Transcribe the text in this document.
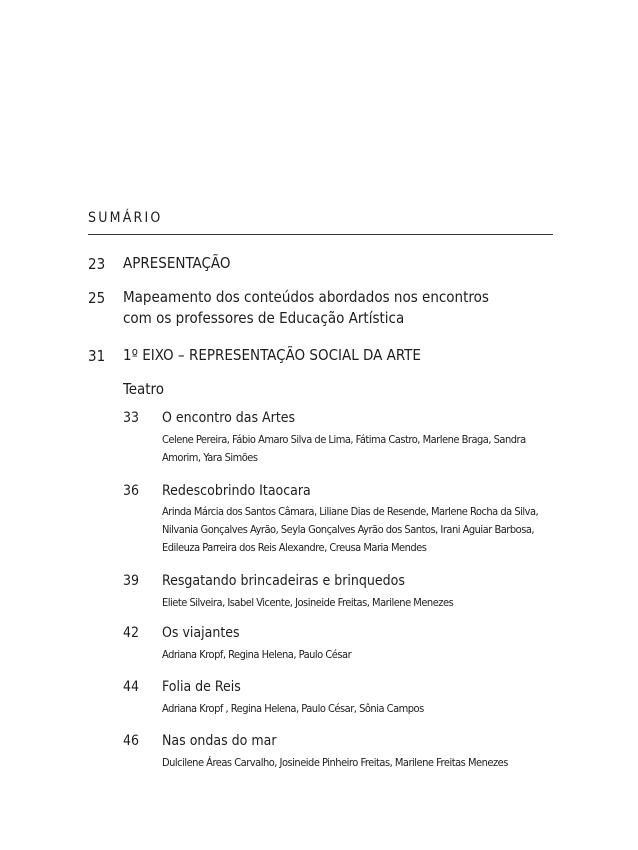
SUMÁRIO
23 APRESENTAÇÃO
25 Mapeamento dos conteúdos abordados nos encontros
com os professores de Educação Artística
31 1º EIXO – REPRESENTAÇÃO SOCIAL DA ARTE
Teatro
33 O encontro das Artes
Celene Pereira, Fábio Amaro Silva de Lima, Fátima Castro, Marlene Braga, Sandra
Amorim, Yara Simões
36 Redescobrindo Itaocara
Arinda Márcia dos Santos Câmara, Liliane Dias de Resende, Marlene Rocha da Silva,
Nilvania Gonçalves Ayrão, Seyla Gonçalves Ayrão dos Santos, Irani Aguiar Barbosa,
Edileuza Parreira dos Reis Alexandre, Creusa Maria Mendes
39 Resgatando brincadeiras e brinquedos
Eliete Silveira, Isabel Vicente, Josineide Freitas, Marilene Menezes
42 Os viajantes
Adriana Kropf, Regina Helena, Paulo César
44 Folia de Reis
Adriana Kropf , Regina Helena, Paulo César, Sônia Campos
46 Nas ondas do mar
Dulcilene Áreas Carvalho, Josineide Pinheiro Freitas, Marilene Freitas Menezes
